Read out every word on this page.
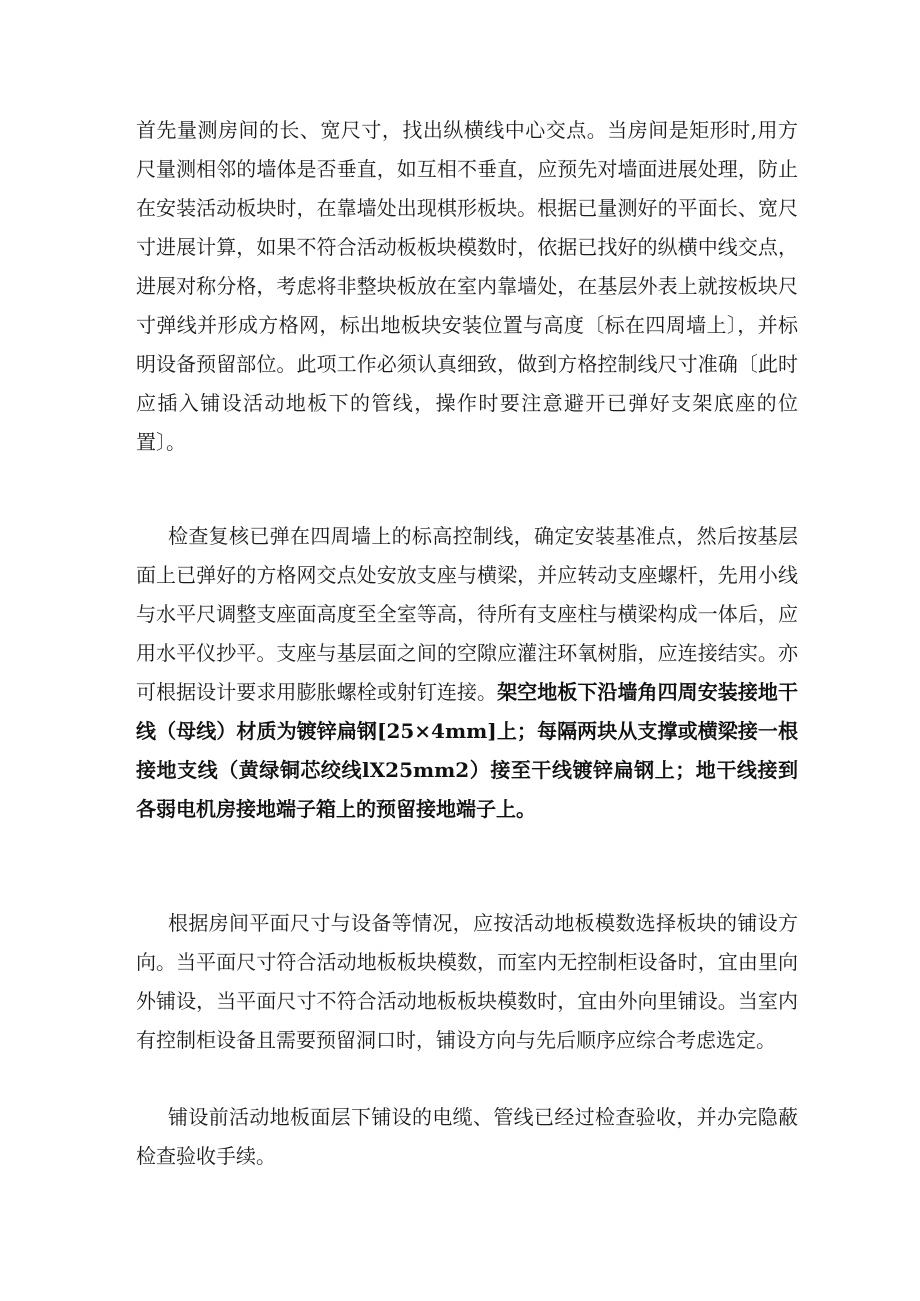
首先量测房间的长、宽尺寸，找出纵横线中心交点。当房间是矩形时,用方尺量测相邻的墙体是否垂直，如互相不垂直，应预先对墙面进展处理，防止在安装活动板块时，在靠墙处出现棋形板块。根据已量测好的平面长、宽尺寸进展计算，如果不符合活动板板块模数时，依据已找好的纵横中线交点，进展对称分格，考虑将非整块板放在室内靠墙处，在基层外表上就按板块尺寸弹线并形成方格网，标出地板块安装位置与高度〔标在四周墙上〕，并标明设备预留部位。此项工作必须认真细致，做到方格控制线尺寸准确〔此时应插入铺设活动地板下的管线，操作时要注意避开已弹好支架底座的位置〕。

检查复核已弹在四周墙上的标高控制线，确定安装基准点，然后按基层面上已弹好的方格网交点处安放支座与横梁，并应转动支座螺杆，先用小线与水平尺调整支座面高度至全室等高，待所有支座柱与横梁构成一体后，应用水平仪抄平。支座与基层面之间的空隙应灌注环氧树脂，应连接结实。亦可根据设计要求用膨胀螺栓或射钉连接。架空地板下沿墙角四周安装接地干线（母线）材质为镀锌扁钢[25×4mm]上；每隔两块从支撑或横梁接一根接地支线（黄绿铜芯绞线lX25mm2）接至干线镀锌扁钢上；地干线接到各弱电机房接地端子箱上的预留接地端子上。

根据房间平面尺寸与设备等情况，应按活动地板模数选择板块的铺设方向。当平面尺寸符合活动地板板块模数，而室内无控制柜设备时，宜由里向外铺设，当平面尺寸不符合活动地板板块模数时，宜由外向里铺设。当室内有控制柜设备且需要预留洞口时，铺设方向与先后顺序应综合考虑选定。

铺设前活动地板面层下铺设的电缆、管线已经过检查验收，并办完隐蔽检查验收手续。
